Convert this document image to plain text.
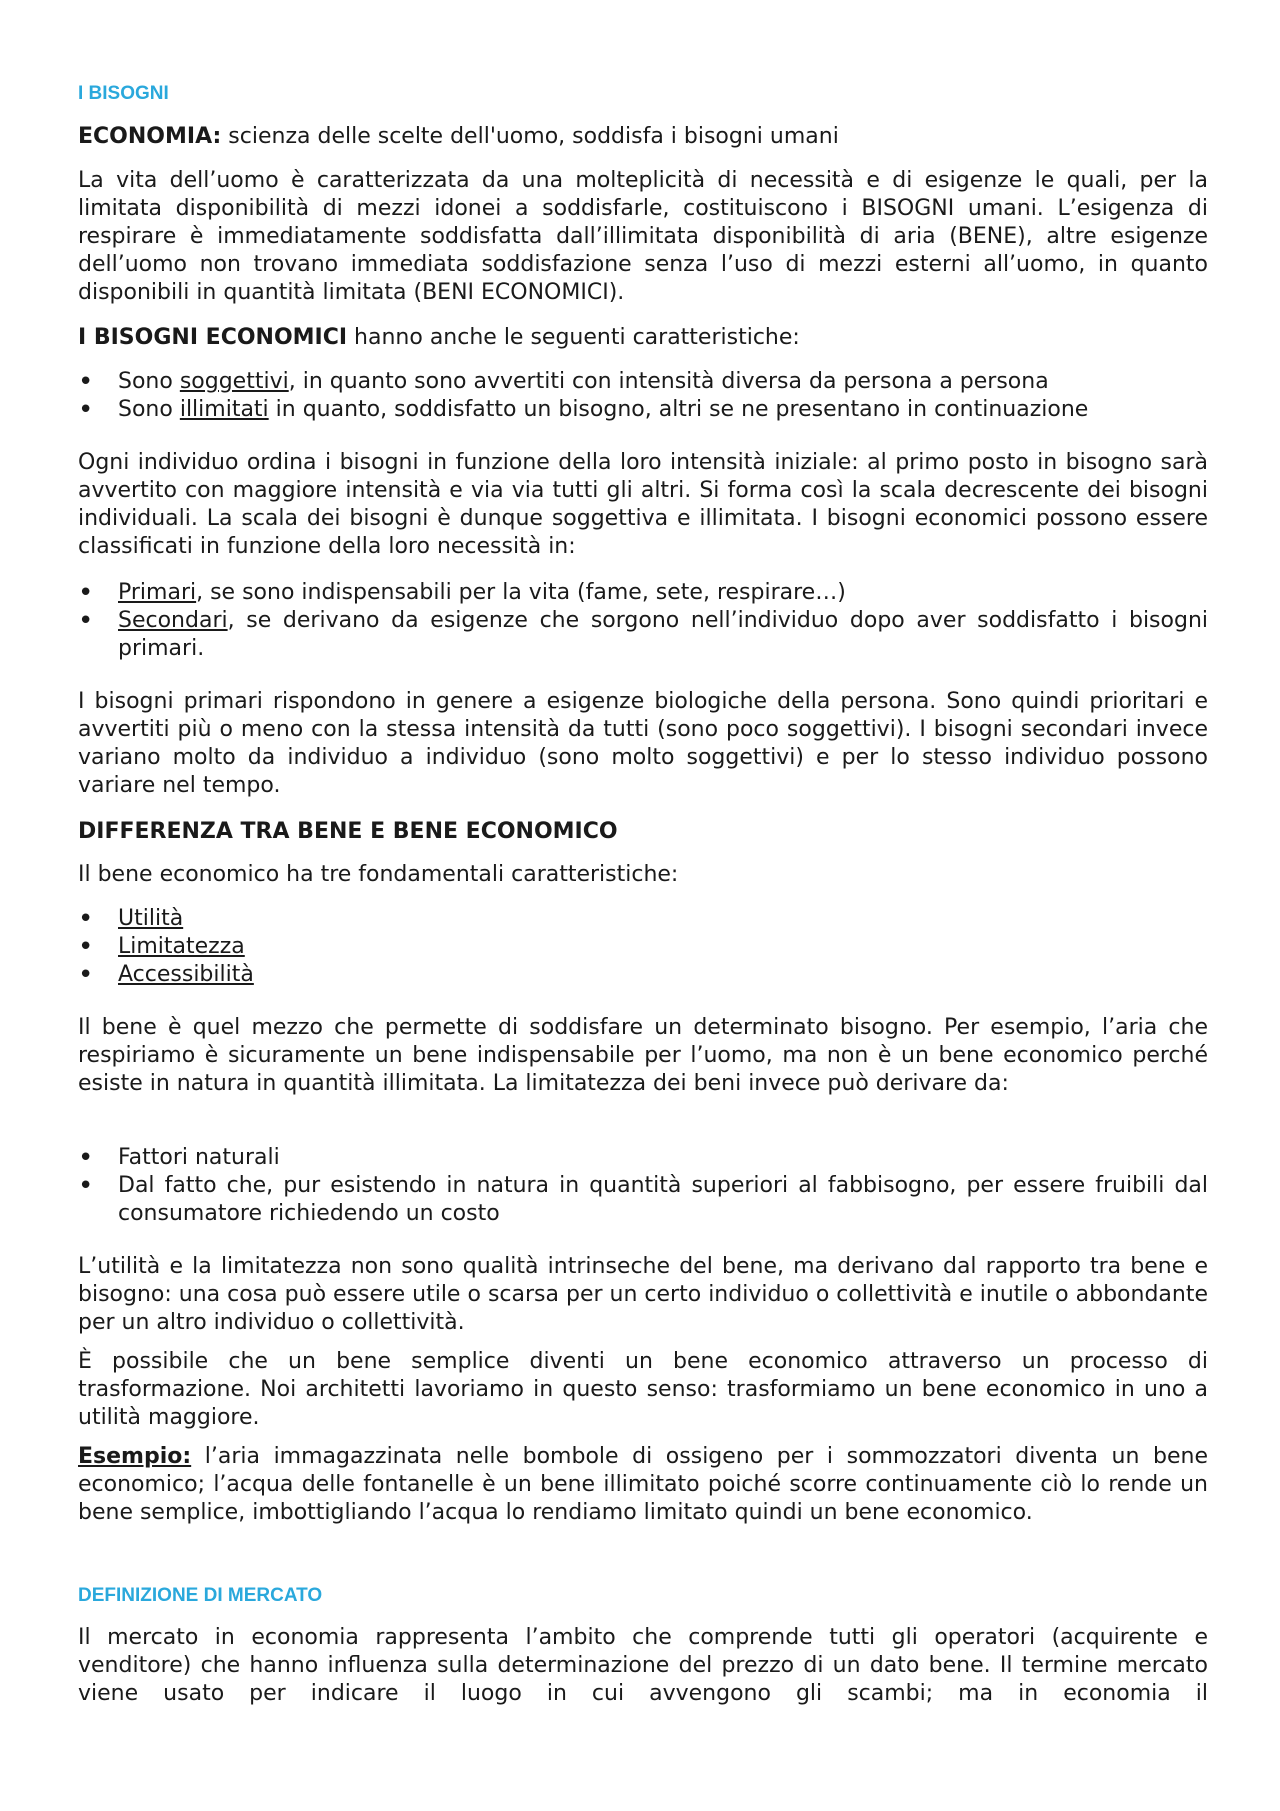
I BISOGNI

ECONOMIA: scienza delle scelte dell'uomo, soddisfa i bisogni umani

La vita dell’uomo è caratterizzata da una molteplicità di necessità e di esigenze le quali, per la limitata disponibilità di mezzi idonei a soddisfarle, costituiscono i BISOGNI umani. L’esigenza di respirare è immediatamente soddisfatta dall’illimitata disponibilità di aria (BENE), altre esigenze dell’uomo non trovano immediata soddisfazione senza l’uso di mezzi esterni all’uomo, in quanto disponibili in quantità limitata (BENI ECONOMICI).

I BISOGNI ECONOMICI hanno anche le seguenti caratteristiche:

• Sono soggettivi, in quanto sono avvertiti con intensità diversa da persona a persona
• Sono illimitati in quanto, soddisfatto un bisogno, altri se ne presentano in continuazione

Ogni individuo ordina i bisogni in funzione della loro intensità iniziale: al primo posto in bisogno sarà avvertito con maggiore intensità e via via tutti gli altri. Si forma così la scala decrescente dei bisogni individuali. La scala dei bisogni è dunque soggettiva e illimitata. I bisogni economici possono essere classificati in funzione della loro necessità in:

• Primari, se sono indispensabili per la vita (fame, sete, respirare…)
• Secondari, se derivano da esigenze che sorgono nell’individuo dopo aver soddisfatto i bisogni primari.

I bisogni primari rispondono in genere a esigenze biologiche della persona. Sono quindi prioritari e avvertiti più o meno con la stessa intensità da tutti (sono poco soggettivi). I bisogni secondari invece variano molto da individuo a individuo (sono molto soggettivi) e per lo stesso individuo possono variare nel tempo.

DIFFERENZA TRA BENE E BENE ECONOMICO

Il bene economico ha tre fondamentali caratteristiche:

• Utilità
• Limitatezza
• Accessibilità

Il bene è quel mezzo che permette di soddisfare un determinato bisogno. Per esempio, l’aria che respiriamo è sicuramente un bene indispensabile per l’uomo, ma non è un bene economico perché esiste in natura in quantità illimitata. La limitatezza dei beni invece può derivare da:

• Fattori naturali
• Dal fatto che, pur esistendo in natura in quantità superiori al fabbisogno, per essere fruibili dal consumatore richiedendo un costo

L’utilità e la limitatezza non sono qualità intrinseche del bene, ma derivano dal rapporto tra bene e bisogno: una cosa può essere utile o scarsa per un certo individuo o collettività e inutile o abbondante per un altro individuo o collettività.

È possibile che un bene semplice diventi un bene economico attraverso un processo di trasformazione. Noi architetti lavoriamo in questo senso: trasformiamo un bene economico in uno a utilità maggiore.

Esempio: l’aria immagazzinata nelle bombole di ossigeno per i sommozzatori diventa un bene economico; l’acqua delle fontanelle è un bene illimitato poiché scorre continuamente ciò lo rende un bene semplice, imbottigliando l’acqua lo rendiamo limitato quindi un bene economico.

DEFINIZIONE DI MERCATO

Il mercato in economia rappresenta l’ambito che comprende tutti gli operatori (acquirente e venditore) che hanno influenza sulla determinazione del prezzo di un dato bene. Il termine mercato viene usato per indicare il luogo in cui avvengono gli scambi; ma in economia il
